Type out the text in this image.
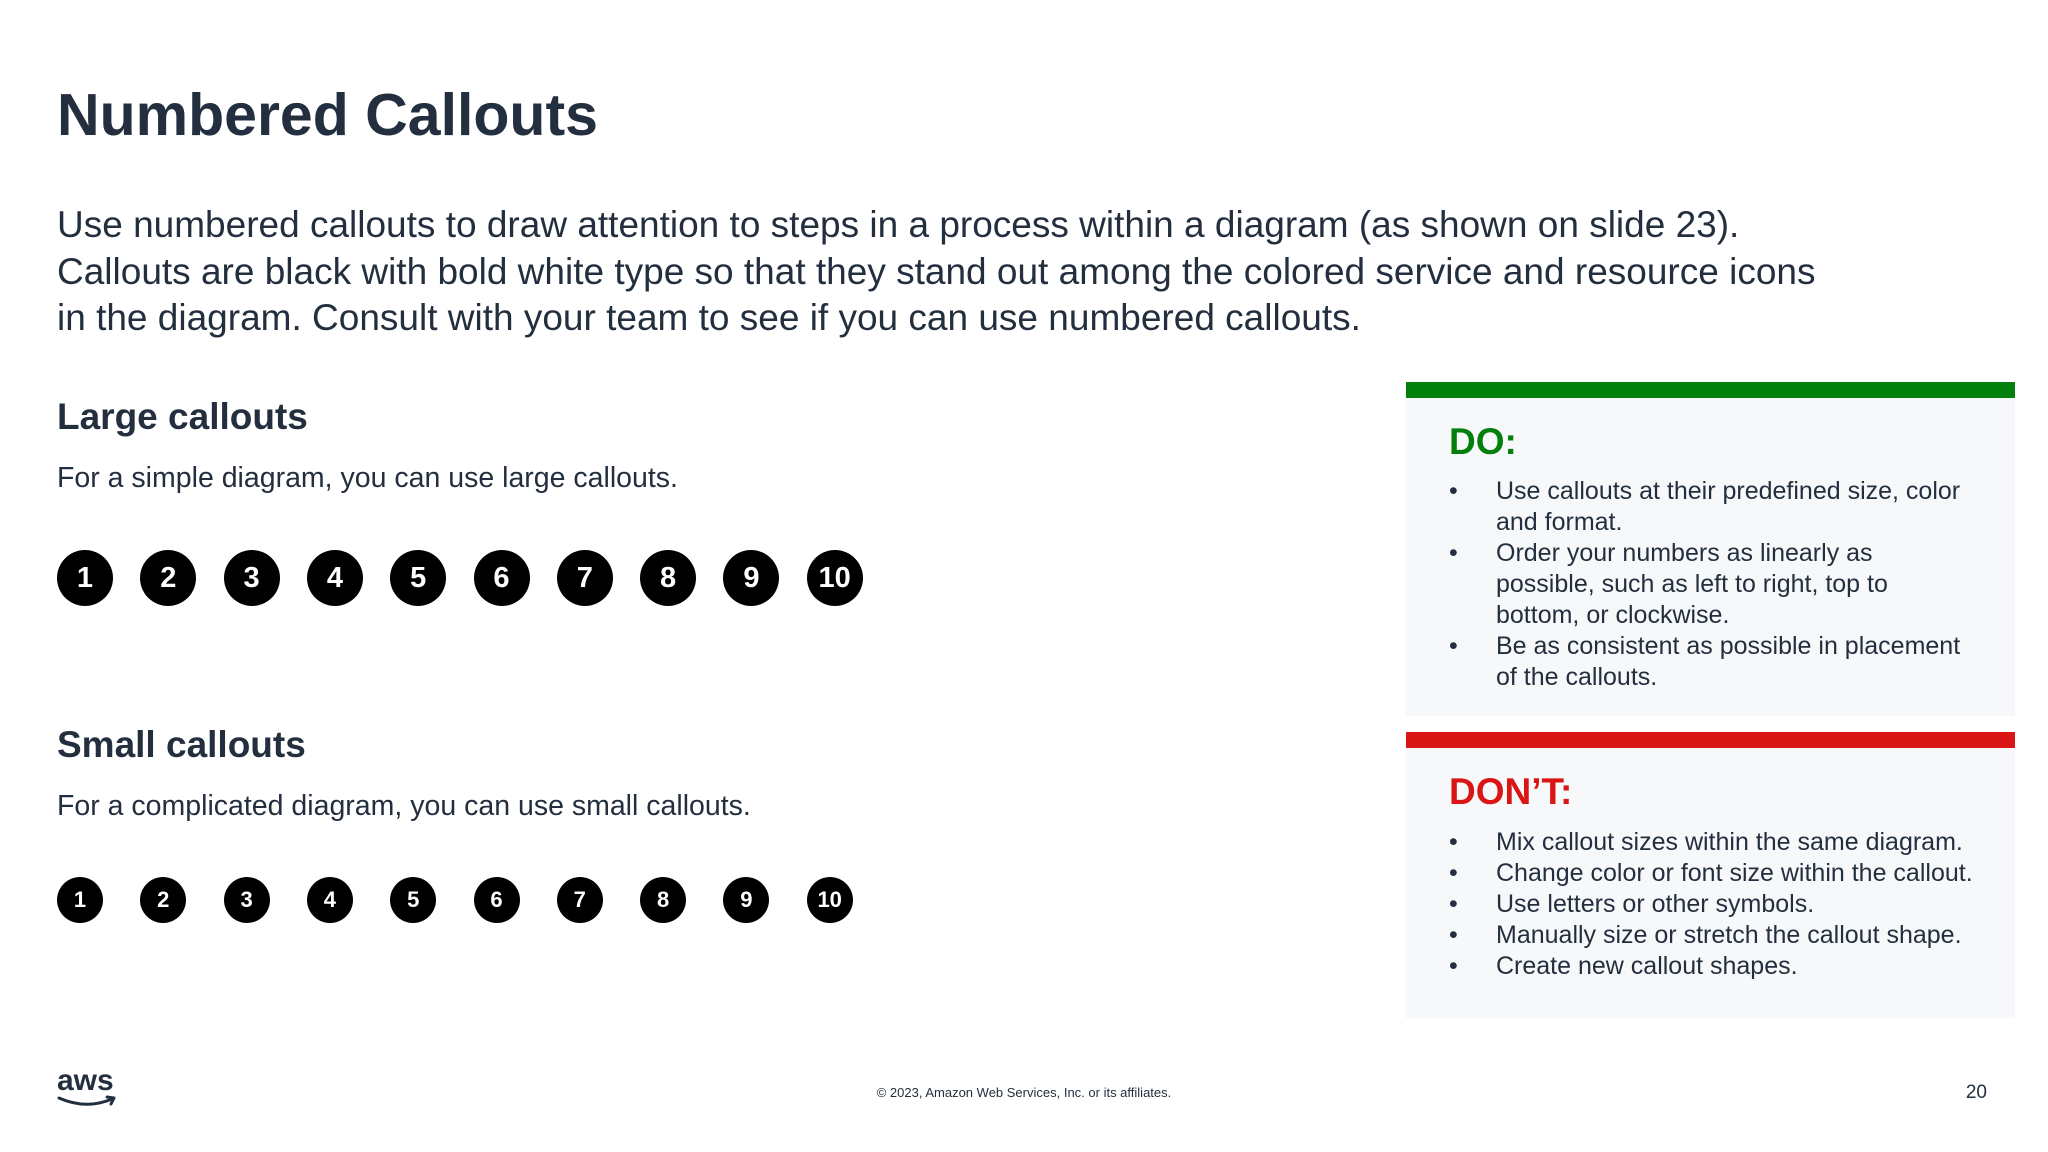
Numbered Callouts
Use numbered callouts to draw attention to steps in a process within a diagram (as shown on slide 23).
Callouts are black with bold white type so that they stand out among the colored service and resource icons
in the diagram. Consult with your team to see if you can use numbered callouts.
Large callouts
For a simple diagram, you can use large callouts.
1	2	3	4	5	6	7	8	9	10
Small callouts
For a complicated diagram, you can use small callouts.
1	2	3	4	5	6	7	8	9	10
DO:
• Use callouts at their predefined size, color
and format.
• Order your numbers as linearly as
possible, such as left to right, top to
bottom, or clockwise.
• Be as consistent as possible in placement
of the callouts.
DON’T:
• Mix callout sizes within the same diagram.
• Change color or font size within the callout.
• Use letters or other symbols.
• Manually size or stretch the callout shape.
• Create new callout shapes.
aws	© 2023, Amazon Web Services, Inc. or its affiliates.	20
